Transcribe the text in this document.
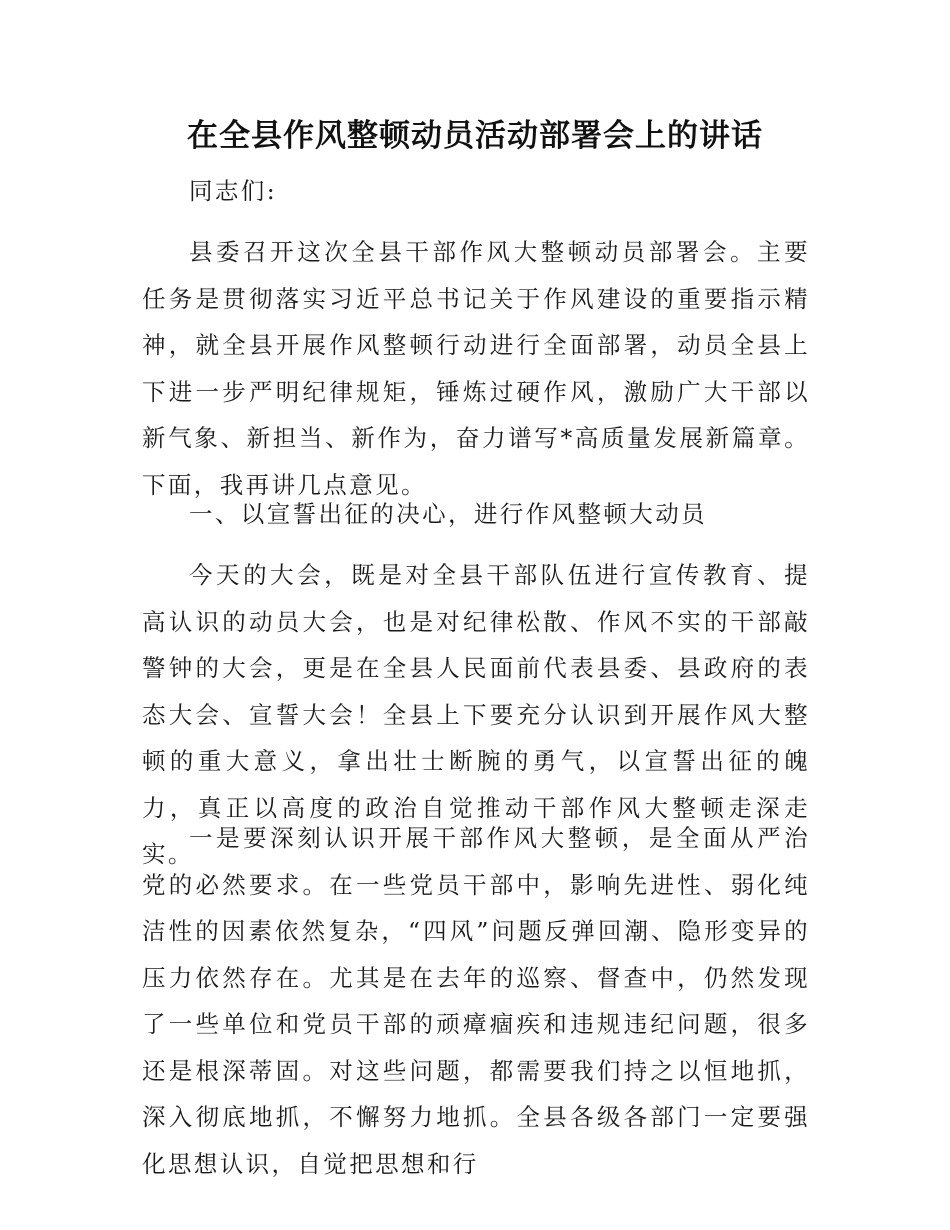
在全县作风整顿动员活动部署会上的讲话
同志们:

县委召开这次全县干部作风大整顿动员部署会。主要任务是贯彻落实习近平总书记关于作风建设的重要指示精神，就全县开展作风整顿行动进行全面部署，动员全县上下进一步严明纪律规矩，锤炼过硬作风，激励广大干部以新气象、新担当、新作为，奋力谱写*高质量发展新篇章。下面，我再讲几点意见。

一、以宣誓出征的决心，进行作风整顿大动员

今天的大会，既是对全县干部队伍进行宣传教育、提高认识的动员大会，也是对纪律松散、作风不实的干部敲警钟的大会，更是在全县人民面前代表县委、县政府的表态大会、宣誓大会！全县上下要充分认识到开展作风大整顿的重大意义，拿出壮士断腕的勇气，以宣誓出征的魄力，真正以高度的政治自觉推动干部作风大整顿走深走实。

一是要深刻认识开展干部作风大整顿，是全面从严治党的必然要求。在一些党员干部中，影响先进性、弱化纯洁性的因素依然复杂，“四风”问题反弹回潮、隐形变异的压力依然存在。尤其是在去年的巡察、督查中，仍然发现了一些单位和党员干部的顽瘴痼疾和违规违纪问题，很多还是根深蒂固。对这些问题，都需要我们持之以恒地抓，深入彻底地抓，不懈努力地抓。全县各级各部门一定要强化思想认识，自觉把思想和行
